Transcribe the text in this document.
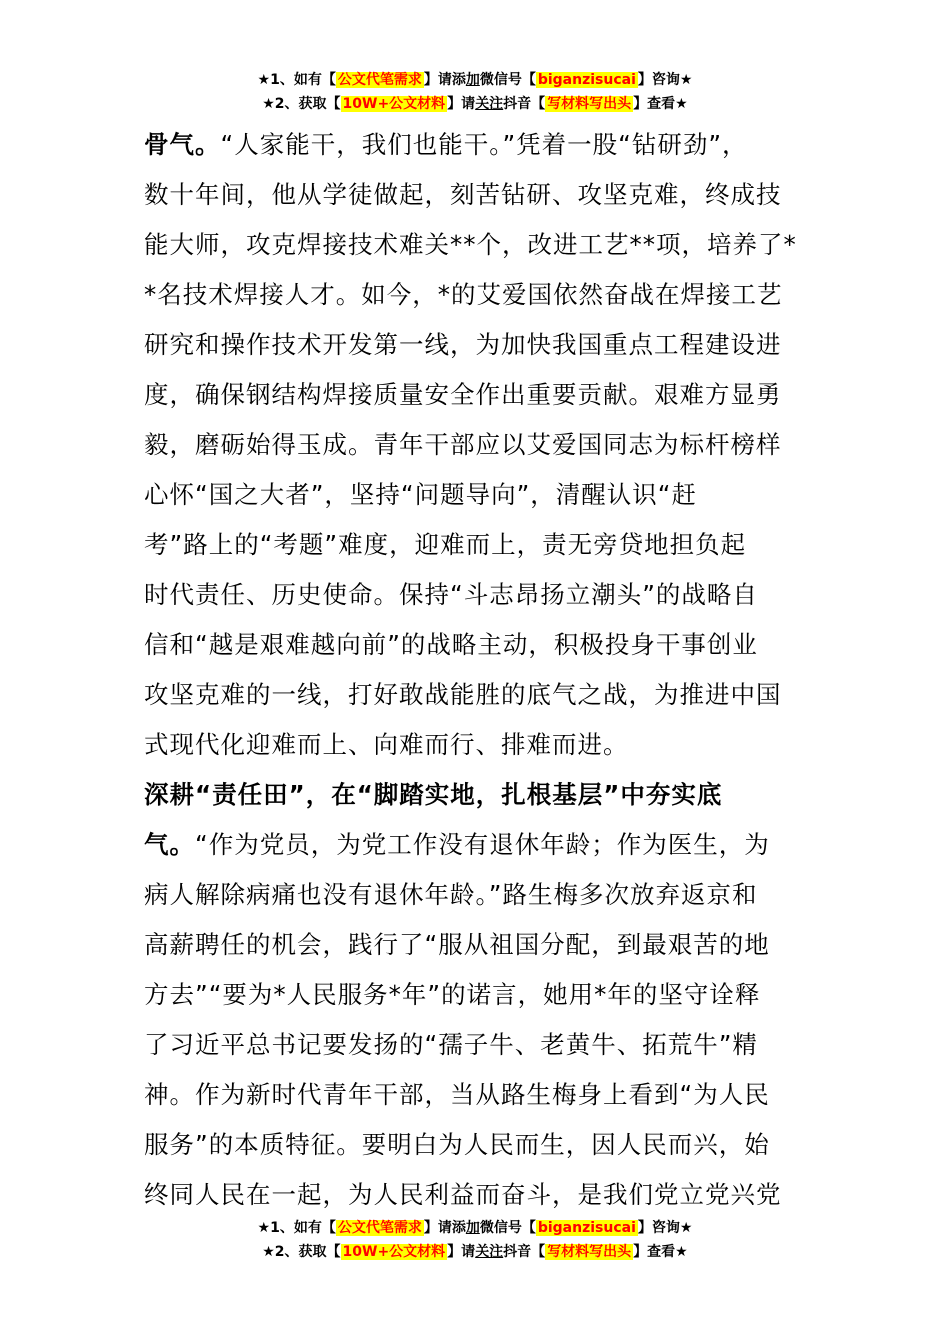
★1、如有【 公文代笔需求 】请添加微信号【 biganzisucai 】咨询★
★2、获取【 10W+公文材料 】请关注抖音【 写材料写出头 】查看★
骨气。“人家能干，我们也能干。”凭着一股“钻研劲”，
数十年间，他从学徒做起，刻苦钻研、攻坚克难，终成技
能大师，攻克焊接技术难关**个，改进工艺**项，培养了*
*名技术焊接人才。如今，*的艾爱国依然奋战在焊接工艺
研究和操作技术开发第一线，为加快我国重点工程建设进
度，确保钢结构焊接质量安全作出重要贡献。艰难方显勇
毅，磨砺始得玉成。青年干部应以艾爱国同志为标杆榜样
心怀“国之大者”，坚持“问题导向”，清醒认识“赶
考”路上的“考题”难度，迎难而上，责无旁贷地担负起
时代责任、历史使命。保持“斗志昂扬立潮头”的战略自
信和“越是艰难越向前”的战略主动，积极投身干事创业
攻坚克难的一线，打好敢战能胜的底气之战，为推进中国
式现代化迎难而上、向难而行、排难而进。
深耕“责任田”，在“脚踏实地，扎根基层”中夯实底
气。“作为党员，为党工作没有退休年龄；作为医生，为
病人解除病痛也没有退休年龄。”路生梅多次放弃返京和
高薪聘任的机会，践行了“服从祖国分配，到最艰苦的地
方去”“要为*人民服务*年”的诺言，她用*年的坚守诠释
了习近平总书记要发扬的“孺子牛、老黄牛、拓荒牛”精
神。作为新时代青年干部，当从路生梅身上看到“为人民
服务”的本质特征。要明白为人民而生，因人民而兴，始
终同人民在一起，为人民利益而奋斗，是我们党立党兴党
★1、如有【 公文代笔需求 】请添加微信号【 biganzisucai 】咨询★
★2、获取【 10W+公文材料 】请关注抖音【 写材料写出头 】查看★
